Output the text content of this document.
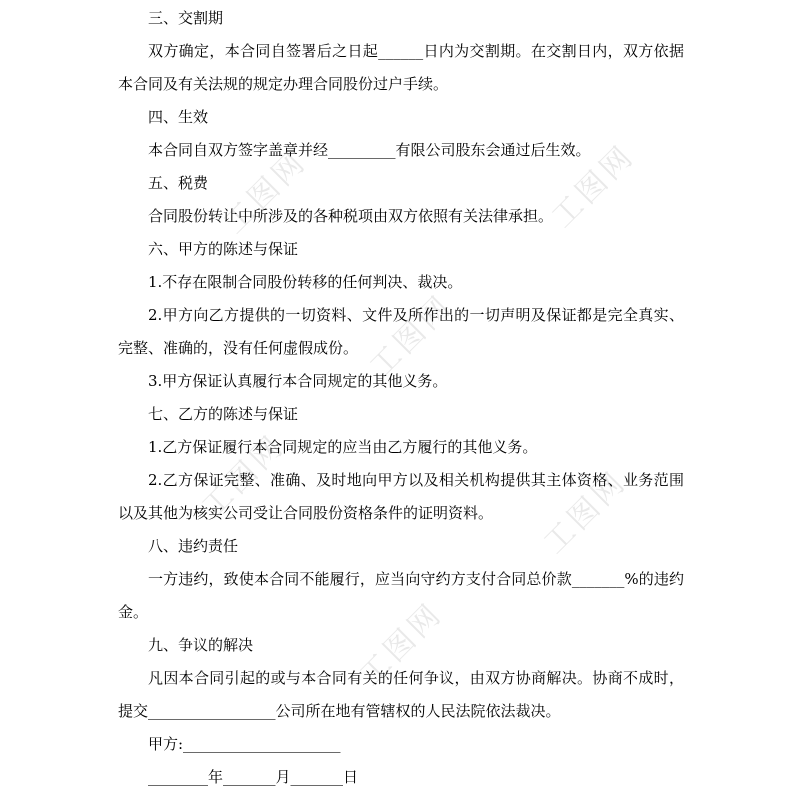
工图网	工图网
工图网
工图网	工图网
工图网

三、交割期

双方确定，本合同自签署后之日起______日内为交割期。在交割日内，双方依据本合同及有关法规的规定办理合同股份过户手续。

四、生效

本合同自双方签字盖章并经_________有限公司股东会通过后生效。

五、税费

合同股份转让中所涉及的各种税项由双方依照有关法律承担。

六、甲方的陈述与保证

1.不存在限制合同股份转移的任何判决、裁决。

2.甲方向乙方提供的一切资料、文件及所作出的一切声明及保证都是完全真实、完整、准确的，没有任何虚假成份。

3.甲方保证认真履行本合同规定的其他义务。

七、乙方的陈述与保证

1.乙方保证履行本合同规定的应当由乙方履行的其他义务。

2.乙方保证完整、准确、及时地向甲方以及相关机构提供其主体资格、业务范围以及其他为核实公司受让合同股份资格条件的证明资料。

八、违约责任

一方违约，致使本合同不能履行，应当向守约方支付合同总价款_______%的违约金。

九、争议的解决

凡因本合同引起的或与本合同有关的任何争议，由双方协商解决。协商不成时，提交_________________公司所在地有管辖权的人民法院依法裁决。

甲方:_____________________

________年_______月_______日
